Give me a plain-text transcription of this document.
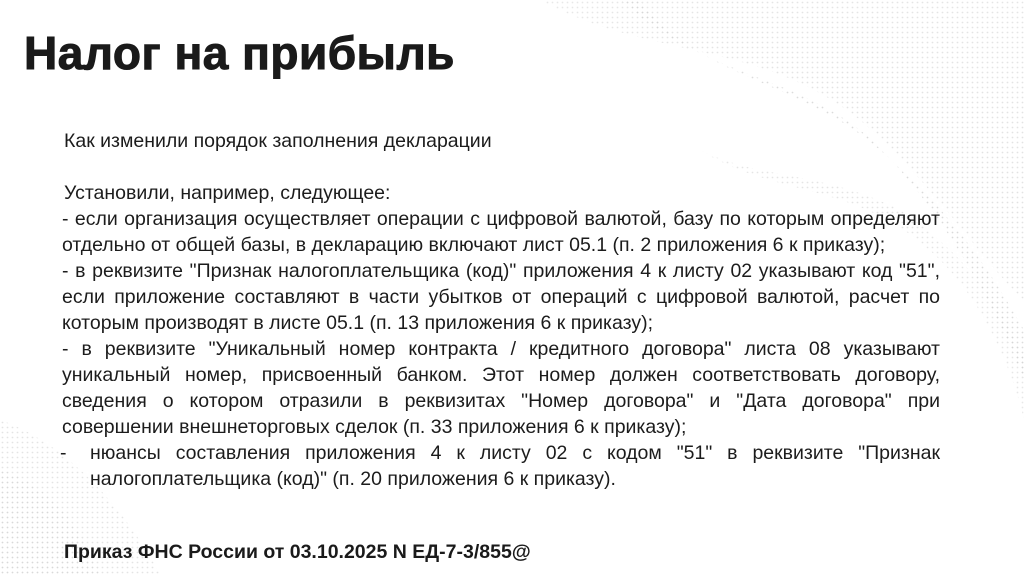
Налог на прибыль

Как изменили порядок заполнения декларации

Установили, например, следующее:

- если организация осуществляет операции с цифровой валютой, базу по которым определяют отдельно от общей базы, в декларацию включают лист 05.1 (п. 2 приложения 6 к приказу);

- в реквизите "Признак налогоплательщика (код)" приложения 4 к листу 02 указывают код "51", если приложение составляют в части убытков от операций с цифровой валютой, расчет по которым производят в листе 05.1 (п. 13 приложения 6 к приказу);

- в реквизите "Уникальный номер контракта / кредитного договора" листа 08 указывают уникальный номер, присвоенный банком. Этот номер должен соответствовать договору, сведения о котором отразили в реквизитах "Номер договора" и "Дата договора" при совершении внешнеторговых сделок (п. 33 приложения 6 к приказу);

-	нюансы составления приложения 4 к листу 02 с кодом "51" в реквизите "Признак налогоплательщика (код)" (п. 20 приложения 6 к приказу).
Приказ ФНС России от 03.10.2025 N ЕД-7-3/855@
